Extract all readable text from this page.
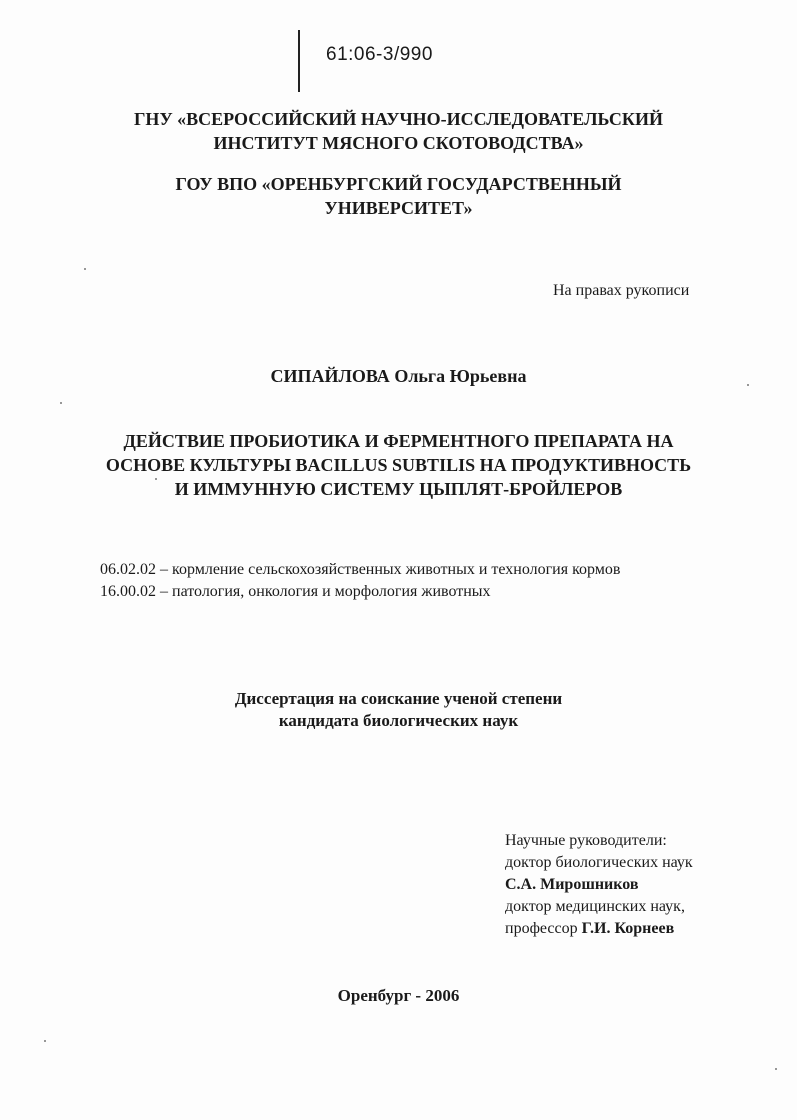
61:06-3/990
ГНУ «ВСЕРОССИЙСКИЙ НАУЧНО-ИССЛЕДОВАТЕЛЬСКИЙ
ИНСТИТУТ МЯСНОГО СКОТОВОДСТВА»
ГОУ ВПО «ОРЕНБУРГСКИЙ ГОСУДАРСТВЕННЫЙ
УНИВЕРСИТЕТ»
На правах рукописи
СИПАЙЛОВА Ольга Юрьевна
ДЕЙСТВИЕ ПРОБИОТИКА И ФЕРМЕНТНОГО ПРЕПАРАТА НА
ОСНОВЕ КУЛЬТУРЫ BACILLUS SUBTILIS НА ПРОДУКТИВНОСТЬ
И ИММУННУЮ СИСТЕМУ ЦЫПЛЯТ-БРОЙЛЕРОВ
06.02.02 – кормление сельскохозяйственных животных и технология кормов
16.00.02 – патология, онкология и морфология животных
Диссертация на соискание ученой степени
кандидата биологических наук
Научные руководители:
доктор биологических наук
С.А. Мирошников
доктор медицинских наук,
профессор Г.И. Корнеев
Оренбург - 2006
